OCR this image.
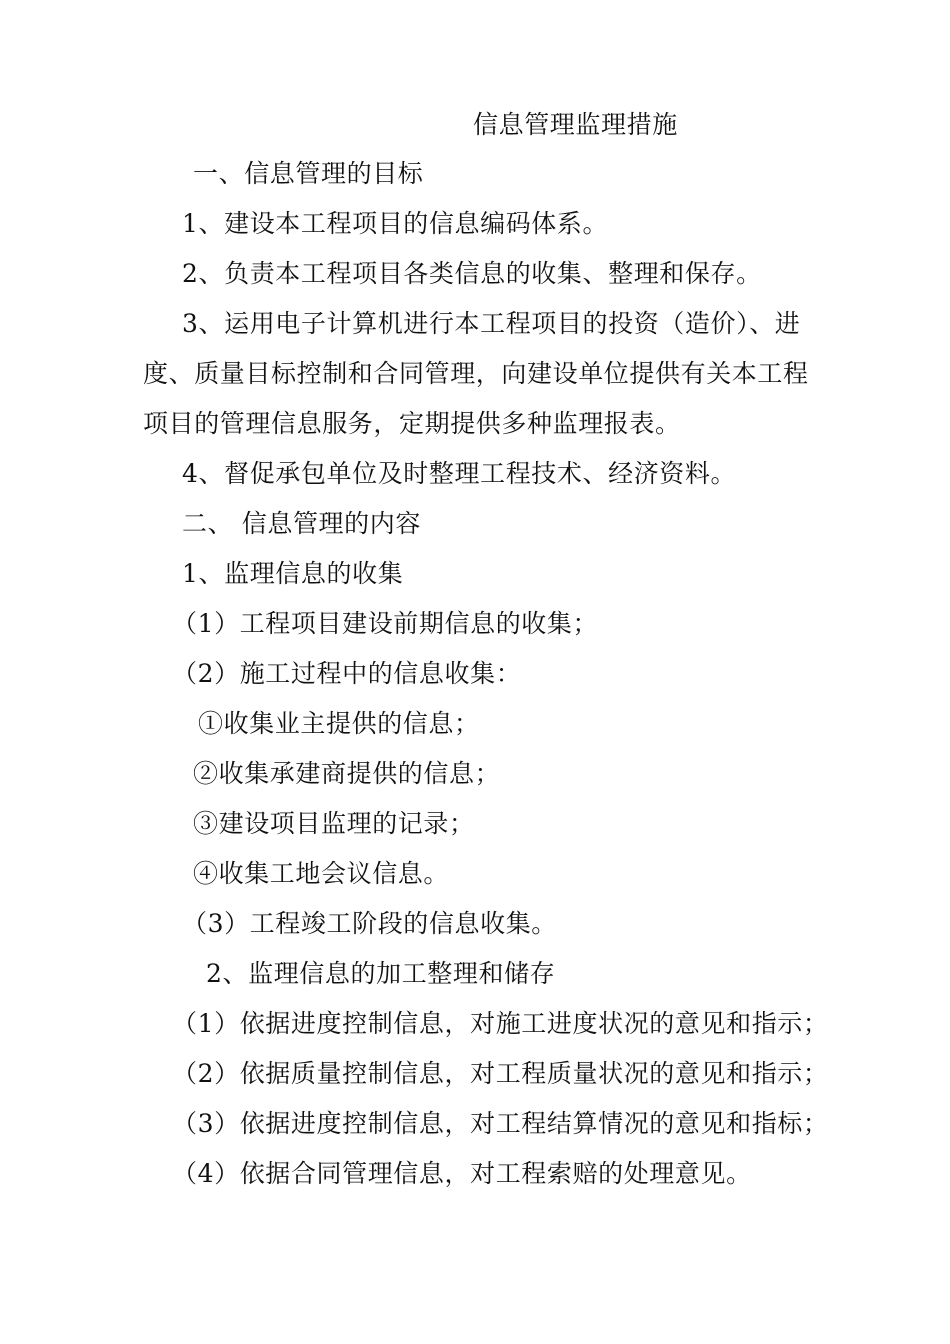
信息管理监理措施
一、信息管理的目标
1、建设本工程项目的信息编码体系。
2、负责本工程项目各类信息的收集、整理和保存。
3、运用电子计算机进行本工程项目的投资（造价）、进
度、质量目标控制和合同管理，向建设单位提供有关本工程
项目的管理信息服务，定期提供多种监理报表。
4、督促承包单位及时整理工程技术、经济资料。
二、 信息管理的内容
1、监理信息的收集
（1）工程项目建设前期信息的收集；
（2）施工过程中的信息收集：
①收集业主提供的信息；
②收集承建商提供的信息；
③建设项目监理的记录；
④收集工地会议信息。
（3）工程竣工阶段的信息收集。
2、监理信息的加工整理和储存
（1）依据进度控制信息，对施工进度状况的意见和指示；
（2）依据质量控制信息，对工程质量状况的意见和指示；
（3）依据进度控制信息，对工程结算情况的意见和指标；
（4）依据合同管理信息，对工程索赔的处理意见。
